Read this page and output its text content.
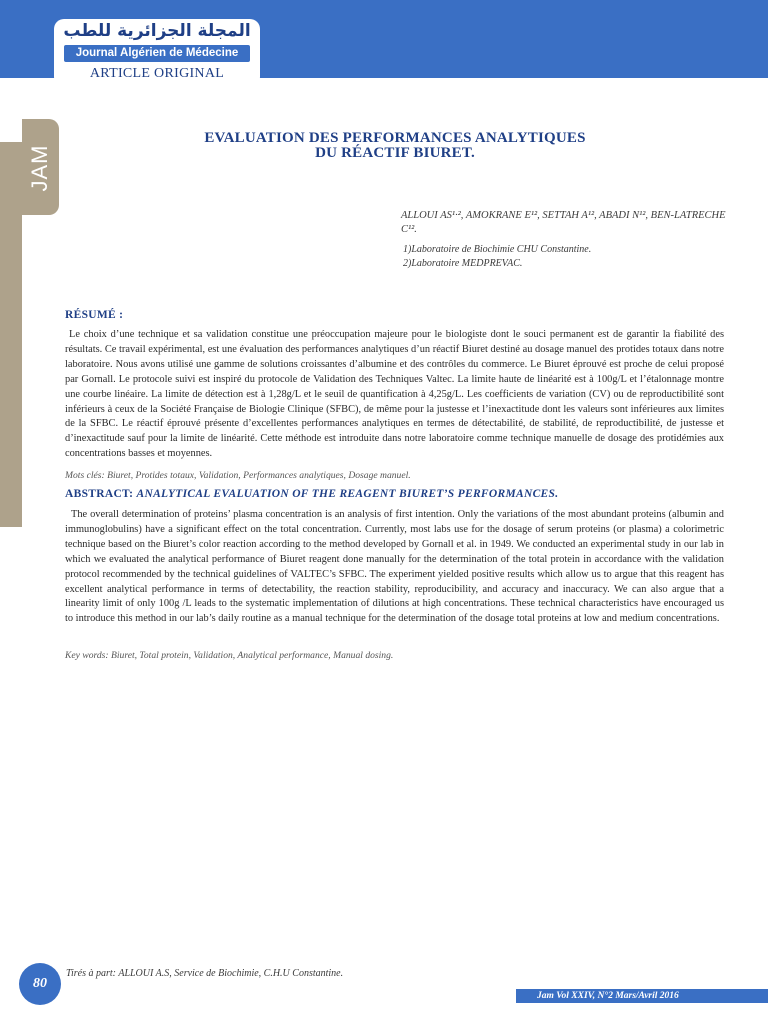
المجلة الجزائرية للطب
Journal Algérien de Médecine
ARTICLE ORIGINAL
JAM
EVALUATION DES PERFORMANCES ANALYTIQUES
DU RÉACTIF BIURET.
ALLOUI AS¹·², AMOKRANE E¹², SETTAH A¹², ABADI N¹², BEN-LATRECHE C¹².
1)Laboratoire de Biochimie CHU Constantine.
2)Laboratoire MEDPREVAC.
RÉSUMÉ :
Le choix d’une technique et sa validation constitue une préoccupation majeure pour le biologiste dont le souci permanent est de garantir la fiabilité des résultats. Ce travail expérimental, est une évaluation des performances analytiques d’un réactif Biuret destiné au dosage manuel des protides totaux dans notre laboratoire. Nous avons utilisé une gamme de solutions croissantes d’albumine et des contrôles du commerce. Le Biuret éprouvé est proche de celui proposé par Gornall. Le protocole suivi est inspiré du protocole de Validation des Techniques Valtec. La limite haute de linéarité est à 100g/L et l’étalonnage montre une courbe linéaire. La limite de détection est à 1,28g/L et le seuil de quantification à 4,25g/L. Les coefficients de variation (CV) ou de reproductibilité sont inférieurs à ceux de la Société Française de Biologie Clinique (SFBC), de même pour la justesse et l’inexactitude dont les valeurs sont inférieures aux limites de la SFBC. Le réactif éprouvé présente d’excellentes performances analytiques en termes de détectabilité, de stabilité, de reproductibilité, de justesse et d’inexactitude sauf pour la limite de linéarité. Cette méthode est introduite dans notre laboratoire comme technique manuelle de dosage des protidémies aux concentrations basses et moyennes.
Mots clés: Biuret, Protides totaux, Validation, Performances analytiques, Dosage manuel.
ABSTRACT: ANALYTICAL EVALUATION OF THE REAGENT BIURET’S PERFORMANCES.
The overall determination of proteins’ plasma concentration is an analysis of first intention. Only the variations of the most abundant proteins (albumin and immunoglobulins) have a significant effect on the total concentration. Currently, most labs use for the dosage of serum proteins (or plasma) a colorimetric technique based on the Biuret’s color reaction according to the method developed by Gornall et al. in 1949. We conducted an experimental study in our lab in which we evaluated the analytical performance of Biuret reagent done manually for the determination of the total protein in accordance with the validation protocol recommended by the technical guidelines of VALTEC’s SFBC. The experiment yielded positive results which allow us to argue that this reagent has excellent analytical performance in terms of detectability, the reaction stability, reproducibility, and accuracy and inaccuracy. We can also argue that a linearity limit of only 100g /L leads to the systematic implementation of dilutions at high concentrations. These technical characteristics have encouraged us to introduce this method in our lab’s daily routine as a manual technique for the determination of the dosage total proteins at low and medium concentrations.
Key words: Biuret, Total protein, Validation, Analytical performance, Manual dosing.
80
Tirés à part: ALLOUI A.S, Service de Biochimie, C.H.U Constantine.
Jam Vol XXIV, N°2 Mars/Avril 2016
